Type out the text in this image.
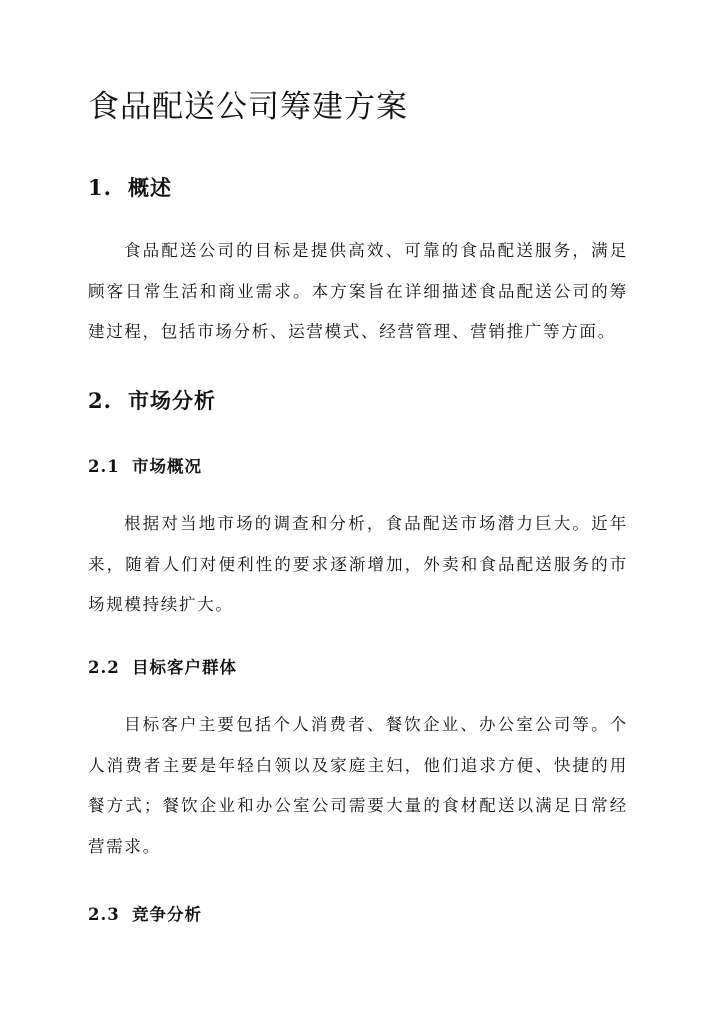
食品配送公司筹建方案
1. 概述

食品配送公司的目标是提供高效、可靠的食品配送服务，满足顾客日常生活和商业需求。本方案旨在详细描述食品配送公司的筹建过程，包括市场分析、运营模式、经营管理、营销推广等方面。

2. 市场分析
2.1 市场概况

根据对当地市场的调查和分析，食品配送市场潜力巨大。近年来，随着人们对便利性的要求逐渐增加，外卖和食品配送服务的市场规模持续扩大。

2.2 目标客户群体

目标客户主要包括个人消费者、餐饮企业、办公室公司等。个人消费者主要是年轻白领以及家庭主妇，他们追求方便、快捷的用餐方式；餐饮企业和办公室公司需要大量的食材配送以满足日常经营需求。

2.3 竞争分析
